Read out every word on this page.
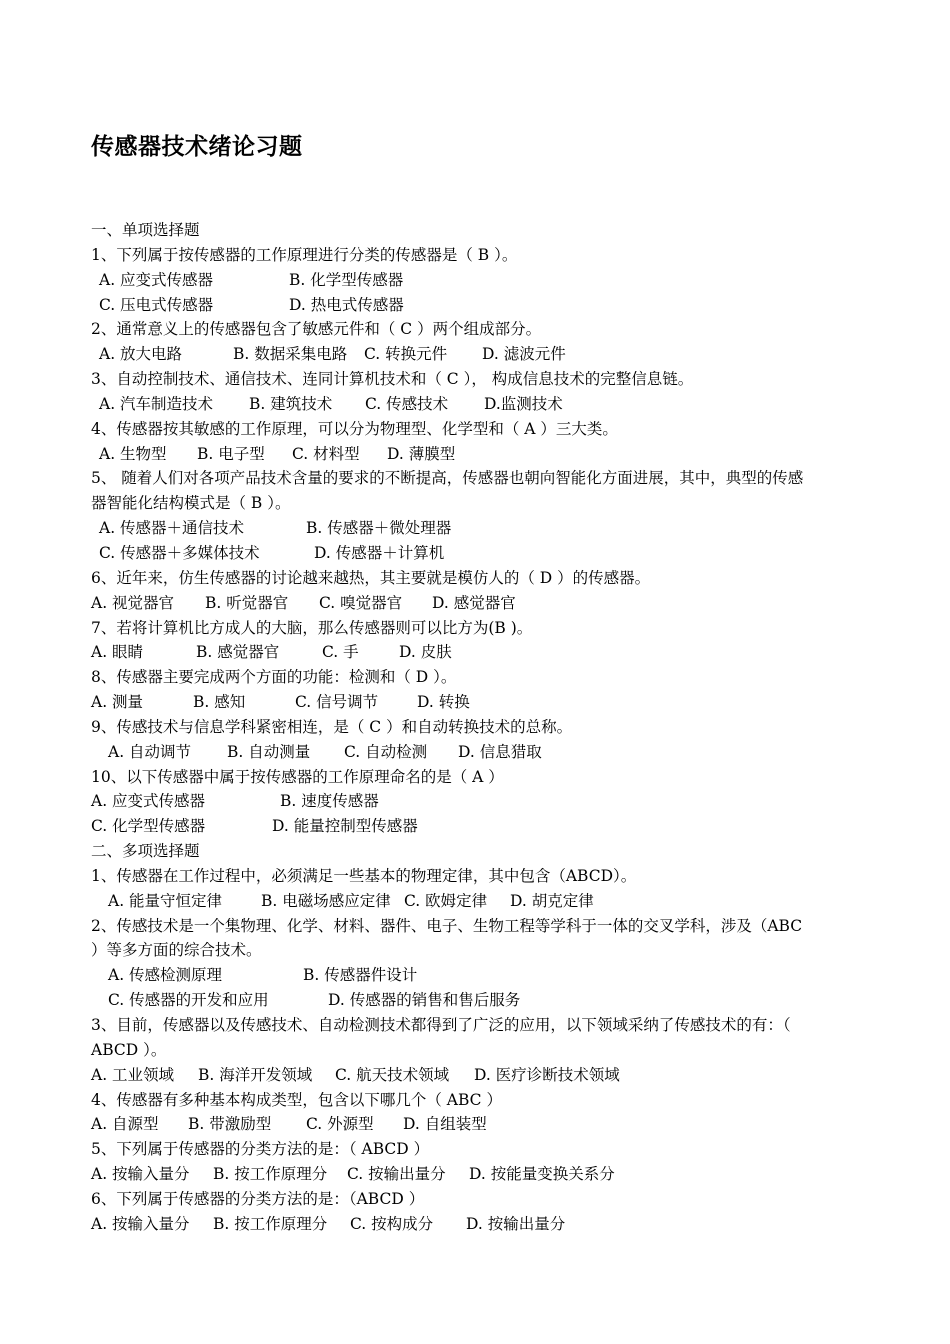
传感器技术绪论习题
一、单项选择题
1、下列属于按传感器的工作原理进行分类的传感器是（ B ）。
A. 应变式传感器	B. 化学型传感器
C. 压电式传感器	D. 热电式传感器
2、通常意义上的传感器包含了敏感元件和（ C ）两个组成部分。
A. 放大电路	B. 数据采集电路	C. 转换元件	D. 滤波元件
3、自动控制技术、通信技术、连同计算机技术和（ C ）， 构成信息技术的完整信息链。
A. 汽车制造技术	B. 建筑技术	C. 传感技术	D.监测技术
4、传感器按其敏感的工作原理，可以分为物理型、化学型和（ A ）三大类。
A. 生物型	B. 电子型	C. 材料型	D. 薄膜型
5、 随着人们对各项产品技术含量的要求的不断提高，传感器也朝向智能化方面进展，其中，典型的传感
器智能化结构模式是（ B ）。
A. 传感器＋通信技术	B. 传感器＋微处理器
C. 传感器＋多媒体技术	D. 传感器＋计算机
6、近年来，仿生传感器的讨论越来越热，其主要就是模仿人的（ D ）的传感器。
A. 视觉器官	B. 听觉器官	C. 嗅觉器官	D. 感觉器官
7、若将计算机比方成人的大脑，那么传感器则可以比方为(B )。
A. 眼睛	B. 感觉器官	C. 手	D. 皮肤
8、传感器主要完成两个方面的功能：检测和（ D ）。
A. 测量	B. 感知	C. 信号调节	D. 转换
9、传感技术与信息学科紧密相连，是（ C ）和自动转换技术的总称。
A. 自动调节	B. 自动测量	C. 自动检测	D. 信息猎取
10、以下传感器中属于按传感器的工作原理命名的是（ A ）
A. 应变式传感器	B. 速度传感器
C. 化学型传感器	D. 能量控制型传感器
二、多项选择题
1、传感器在工作过程中，必须满足一些基本的物理定律，其中包含（ABCD）。
A. 能量守恒定律	B. 电磁场感应定律 C. 欧姆定律	D. 胡克定律
2、传感技术是一个集物理、化学、材料、器件、电子、生物工程等学科于一体的交叉学科，涉及（ABC
）等多方面的综合技术。
A. 传感检测原理	B. 传感器件设计
C. 传感器的开发和应用	D. 传感器的销售和售后服务
3、目前，传感器以及传感技术、自动检测技术都得到了广泛的应用，以下领域采纳了传感技术的有：（
ABCD ）。
A. 工业领域	B. 海洋开发领域	C. 航天技术领域	D. 医疗诊断技术领域
4、传感器有多种基本构成类型，包含以下哪几个（ ABC ）
A. 自源型	B. 带激励型	C. 外源型	D. 自组装型
5、下列属于传感器的分类方法的是：（ ABCD ）
A. 按输入量分	B. 按工作原理分	C. 按输出量分	D. 按能量变换关系分
6、下列属于传感器的分类方法的是：（ABCD ）
A. 按输入量分	B. 按工作原理分	C. 按构成分	D. 按输出量分
